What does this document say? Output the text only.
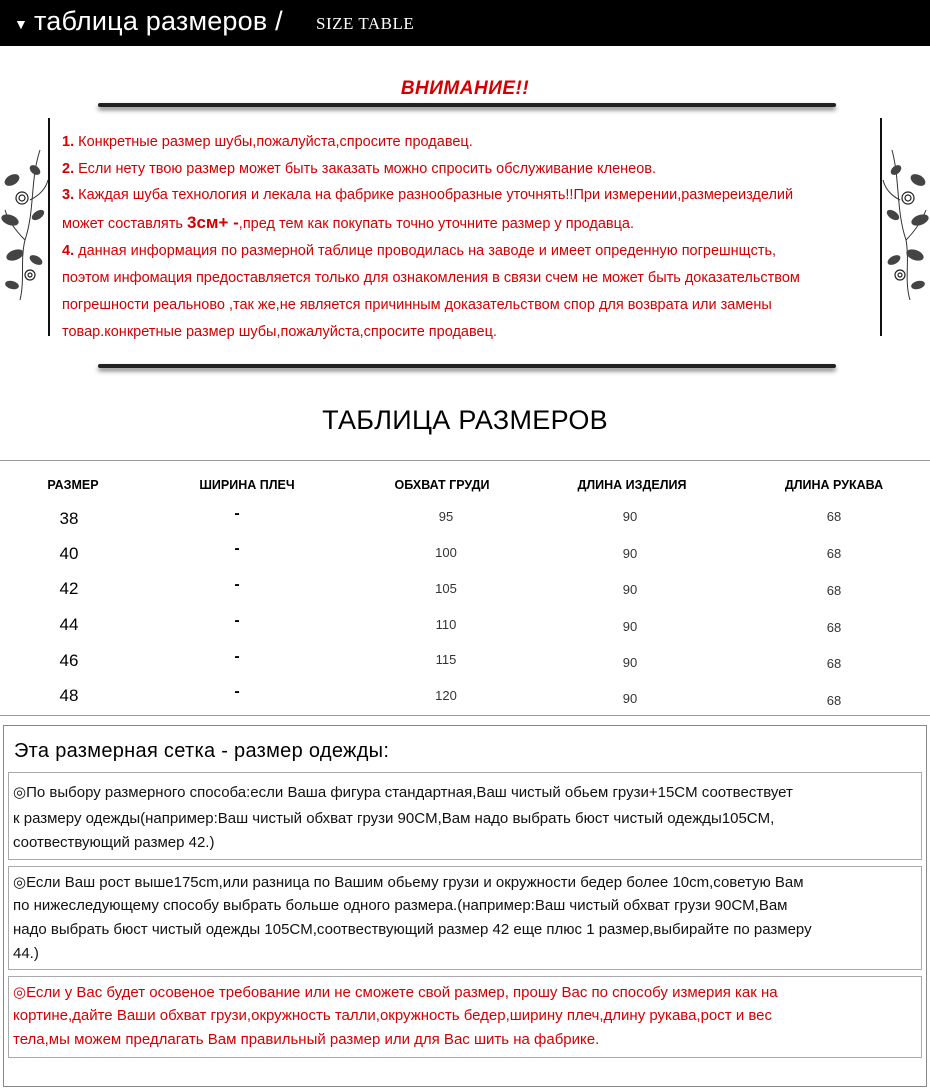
▼ таблица размеров / SIZE TABLE
ВНИМАНИЕ!!
1. Конкретные размер шубы,пожалуйста,спросите продавец.
2. Если нету твою размер может быть заказать можно спросить обслуживание кленеов.
3. Каждая шуба технология и лекала на фабрике разнообразные уточнять!!При измерении,размереизделий
может составлять 3см+ -,пред тем как покупать точно уточните размер у продавца.
4. данная информация по размерной таблице проводилась на заводе и имеет опреденную погрешнщсть,
поэтом инфомация предоставляется только для ознакомления в связи счем не может быть доказательством
погрешности реальново ,так же,не является причинным доказательством спор для возврата или замены
товар.конкретные размер шубы,пожалуйста,спросите продавец.
ТАБЛИЦА РАЗМЕРОВ
РАЗМЕР	ШИРИНА ПЛЕЧ	ОБХВАТ ГРУДИ	ДЛИНА ИЗДЕЛИЯ	ДЛИНА РУКАВА
38	-	95	90	68
40	-	100	90	68
42	-	105	90	68
44	-	110	90	68
46	-	115	90	68
48	-	120	90	68
Эта размерная сетка - размер одежды:
◎По выбору размерного способа:если Ваша фигура стандартная,Ваш чистый обьем грузи+15CM соотвествует
к размеру одежды(например:Ваш чистый обхват грузи 90CM,Вам надо выбрать бюст чистый одежды105CM,
соотвествующий размер 42.)
◎Если Ваш рост выше175cm,или разница по Вашим обьему грузи и окружности бедер более 10cm,советую Вам
по нижеследующему способу выбрать больше одного размера.(например:Ваш чистый обхват грузи 90CM,Вам
надо выбрать бюст чистый одежды 105CM,соотвествующий размер 42 еще плюс 1 размер,выбирайте по размеру
44.)
◎Если у Вас будет осовеное требование или не сможете свой размер, прошу Вас по способу измерия как на
кортине,дайте Ваши обхват грузи,окружность талли,окружность бедер,ширину плеч,длину рукава,рост и вес
тела,мы можем предлагать Вам правильный размер или для Вас шить на фабрике.
